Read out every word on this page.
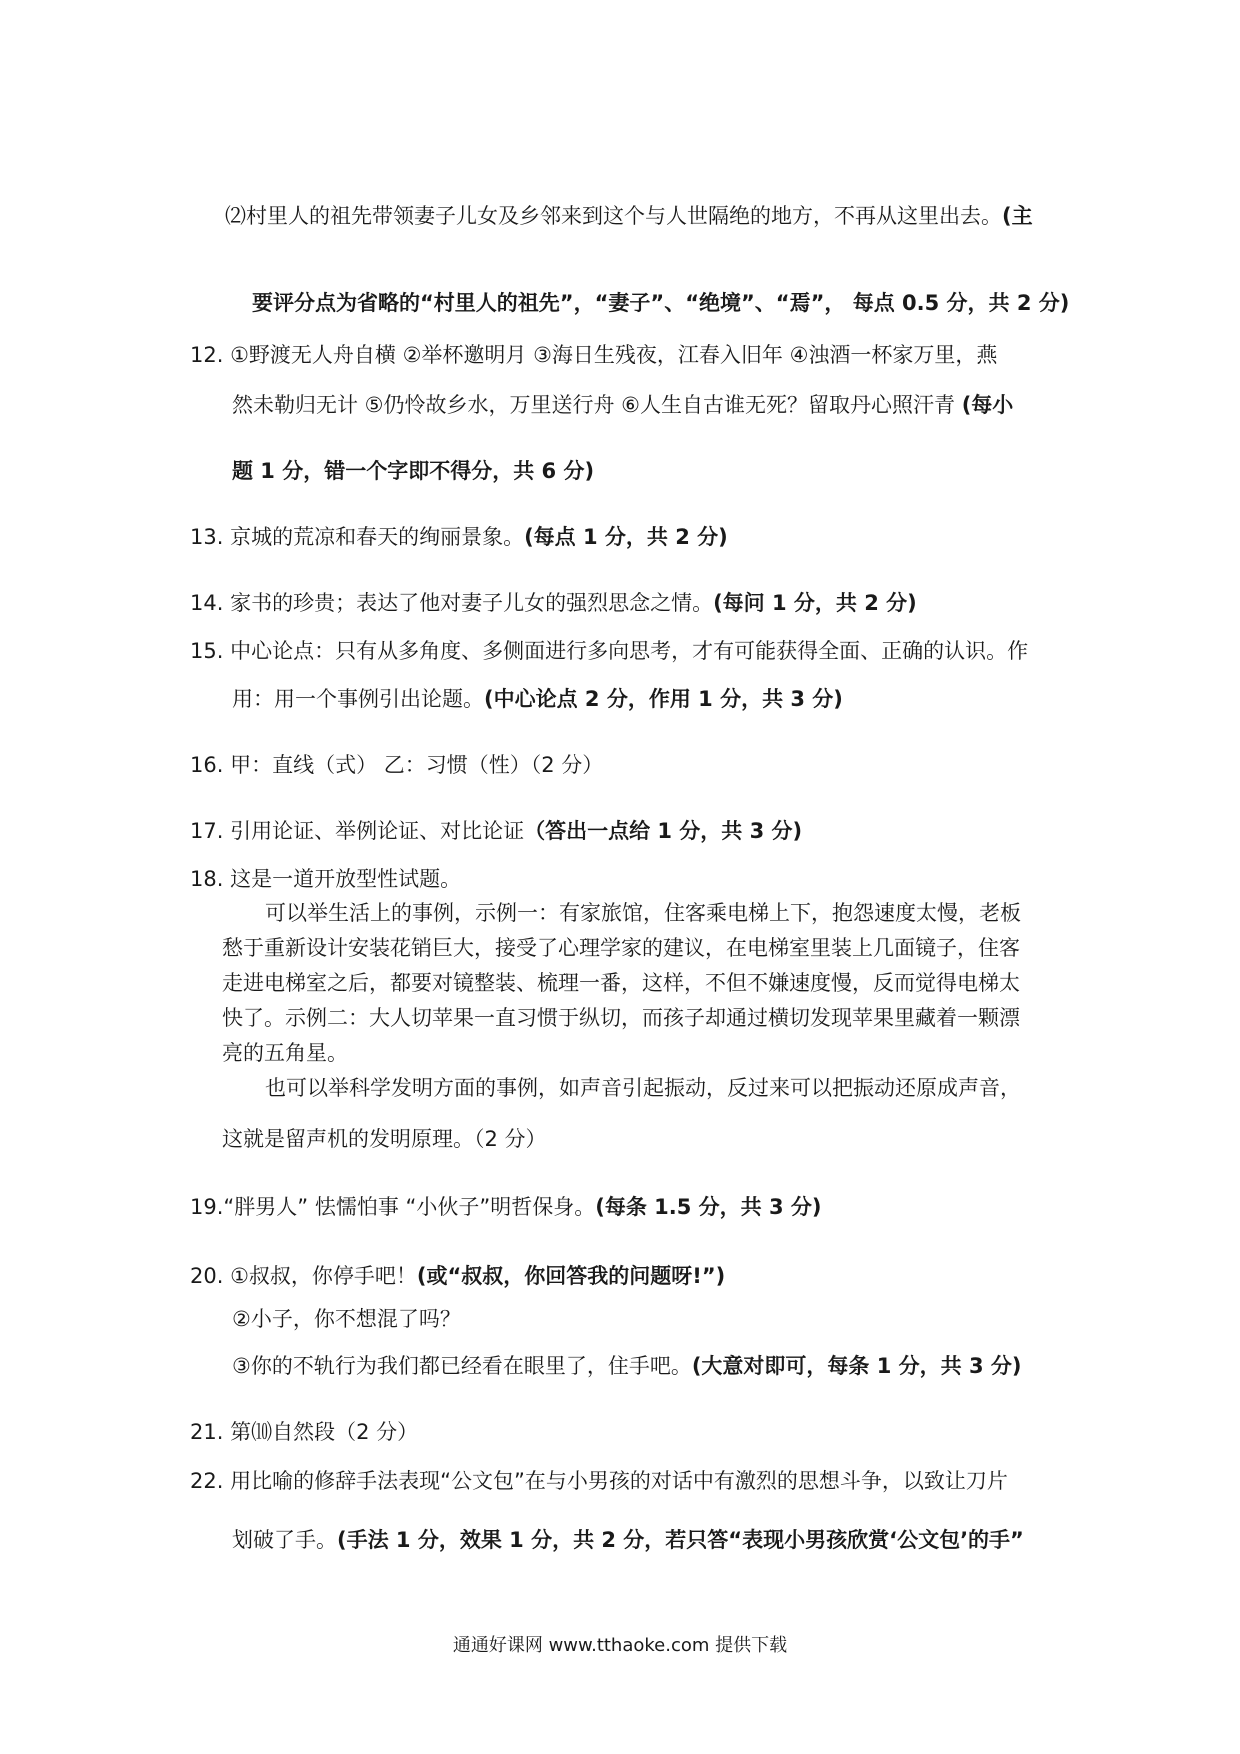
⑵村里人的祖先带领妻子儿女及乡邻来到这个与人世隔绝的地方，不再从这里出去。(主
要评分点为省略的“村里人的祖先”，“妻子”、“绝境”、“焉”， 每点 0.5 分，共 2 分)
12. ①野渡无人舟自横 ②举杯邀明月 ③海日生残夜，江春入旧年 ④浊酒一杯家万里，燕
然未勒归无计 ⑤仍怜故乡水，万里送行舟 ⑥人生自古谁无死？留取丹心照汗青 (每小
题 1 分，错一个字即不得分，共 6 分)
13. 京城的荒凉和春天的绚丽景象。(每点 1 分，共 2 分)
14. 家书的珍贵；表达了他对妻子儿女的强烈思念之情。(每问 1 分，共 2 分)
15. 中心论点：只有从多角度、多侧面进行多向思考，才有可能获得全面、正确的认识。作
用：用一个事例引出论题。(中心论点 2 分，作用 1 分，共 3 分)
16. 甲：直线（式） 乙：习惯（性）（2 分）
17. 引用论证、举例论证、对比论证（答出一点给 1 分，共 3 分)
18. 这是一道开放型性试题。
可以举生活上的事例，示例一：有家旅馆，住客乘电梯上下，抱怨速度太慢，老板
愁于重新设计安装花销巨大，接受了心理学家的建议，在电梯室里装上几面镜子，住客
走进电梯室之后，都要对镜整装、梳理一番，这样，不但不嫌速度慢，反而觉得电梯太
快了。示例二：大人切苹果一直习惯于纵切，而孩子却通过横切发现苹果里藏着一颗漂
亮的五角星。
也可以举科学发明方面的事例，如声音引起振动，反过来可以把振动还原成声音，
这就是留声机的发明原理。（2 分）
19.“胖男人” 怯懦怕事 “小伙子”明哲保身。(每条 1.5 分，共 3 分)
20. ①叔叔，你停手吧！(或“叔叔，你回答我的问题呀!”)
②小子，你不想混了吗？
③你的不轨行为我们都已经看在眼里了，住手吧。(大意对即可，每条 1 分，共 3 分)
21. 第⑽自然段（2 分）
22. 用比喻的修辞手法表现“公文包”在与小男孩的对话中有激烈的思想斗争，以致让刀片
划破了手。(手法 1 分，效果 1 分，共 2 分，若只答“表现小男孩欣赏‘公文包’的手”
通通好课网 www.tthaoke.com 提供下载
